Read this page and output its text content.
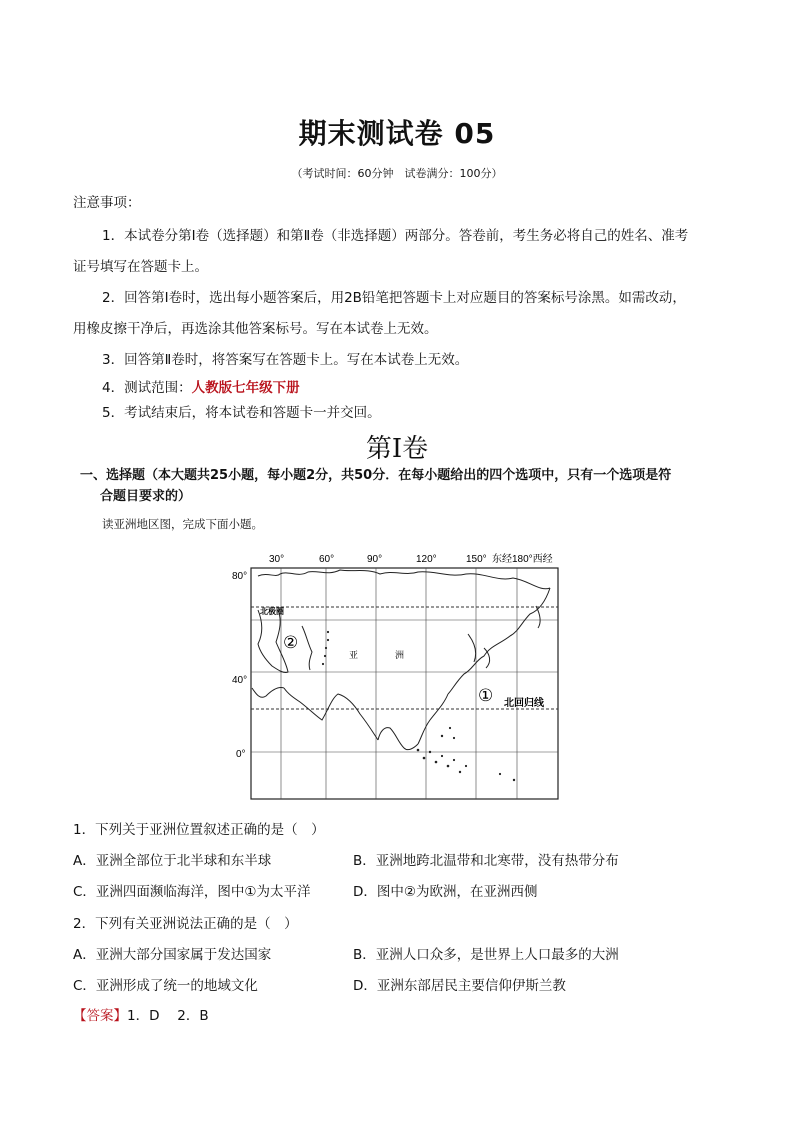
期末测试卷 05
（考试时间：60分钟　试卷满分：100分）
注意事项：
1．本试卷分第Ⅰ卷（选择题）和第Ⅱ卷（非选择题）两部分。答卷前，考生务必将自己的姓名、准考
证号填写在答题卡上。
2．回答第Ⅰ卷时，选出每小题答案后，用2B铅笔把答题卡上对应题目的答案标号涂黑。如需改动，
用橡皮擦干净后，再选涂其他答案标号。写在本试卷上无效。
3．回答第Ⅱ卷时，将答案写在答题卡上。写在本试卷上无效。
4．测试范围：人教版七年级下册
5．考试结束后，将本试卷和答题卡一并交回。
第Ⅰ卷
一、选择题（本大题共25小题，每小题2分，共50分．在每小题给出的四个选项中，只有一个选项是符
合题目要求的）
读亚洲地区图，完成下面小题。
30°	60°	90°	120°	150° 东经180°西经
80°
40°
0°
北极圈
②
亚	洲
① 北回归线
1．下列关于亚洲位置叙述正确的是（　）
A．亚洲全部位于北半球和东半球	B．亚洲地跨北温带和北寒带，没有热带分布
C．亚洲四面濒临海洋，图中①为太平洋	D．图中②为欧洲，在亚洲西侧
2．下列有关亚洲说法正确的是（　）
A．亚洲大部分国家属于发达国家	B．亚洲人口众多，是世界上人口最多的大洲
C．亚洲形成了统一的地域文化	D．亚洲东部居民主要信仰伊斯兰教
【答案】1．D　 2．B
